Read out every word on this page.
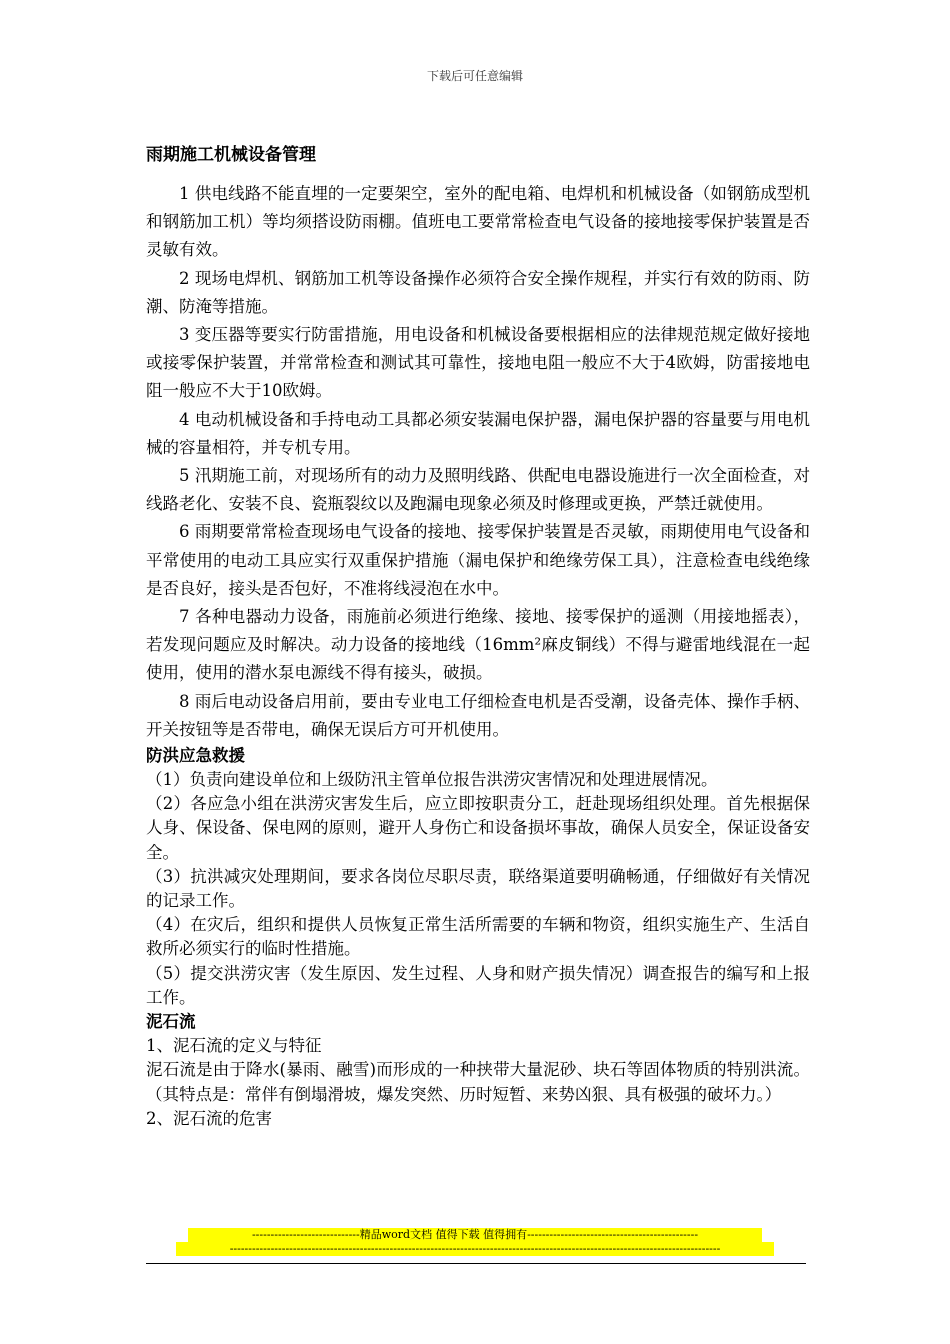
下载后可任意编辑
雨期施工机械设备管理

1 供电线路不能直埋的一定要架空，室外的配电箱、电焊机和机械设备（如钢筋成型机和钢筋加工机）等均须搭设防雨棚。值班电工要常常检查电气设备的接地接零保护装置是否灵敏有效。

2 现场电焊机、钢筋加工机等设备操作必须符合安全操作规程，并实行有效的防雨、防潮、防淹等措施。

3 变压器等要实行防雷措施，用电设备和机械设备要根据相应的法律规范规定做好接地或接零保护装置，并常常检查和测试其可靠性，接地电阻一般应不大于4欧姆，防雷接地电阻一般应不大于10欧姆。

4 电动机械设备和手持电动工具都必须安装漏电保护器，漏电保护器的容量要与用电机械的容量相符，并专机专用。

5 汛期施工前，对现场所有的动力及照明线路、供配电电器设施进行一次全面检查，对线路老化、安装不良、瓷瓶裂纹以及跑漏电现象必须及时修理或更换，严禁迁就使用。

6 雨期要常常检查现场电气设备的接地、接零保护装置是否灵敏，雨期使用电气设备和平常使用的电动工具应实行双重保护措施（漏电保护和绝缘劳保工具），注意检查电线绝缘是否良好，接头是否包好，不准将线浸泡在水中。

7 各种电器动力设备，雨施前必须进行绝缘、接地、接零保护的遥测（用接地摇表），若发现问题应及时解决。动力设备的接地线（16mm²麻皮铜线）不得与避雷地线混在一起使用，使用的潜水泵电源线不得有接头，破损。

8 雨后电动设备启用前，要由专业电工仔细检查电机是否受潮，设备壳体、操作手柄、开关按钮等是否带电，确保无误后方可开机使用。

防洪应急救援

（1）负责向建设单位和上级防汛主管单位报告洪涝灾害情况和处理进展情况。

（2）各应急小组在洪涝灾害发生后，应立即按职责分工，赶赴现场组织处理。首先根据保人身、保设备、保电网的原则，避开人身伤亡和设备损坏事故，确保人员安全，保证设备安全。

（3）抗洪减灾处理期间，要求各岗位尽职尽责，联络渠道要明确畅通，仔细做好有关情况的记录工作。

（4）在灾后，组织和提供人员恢复正常生活所需要的车辆和物资，组织实施生产、生活自救所必须实行的临时性措施。

（5）提交洪涝灾害（发生原因、发生过程、人身和财产损失情况）调查报告的编写和上报工作。

泥石流

1、泥石流的定义与特征

泥石流是由于降水(暴雨、融雪)而形成的一种挟带大量泥砂、块石等固体物质的特别洪流。（其特点是：常伴有倒塌滑坡，爆发突然、历时短暂、来势凶狠、具有极强的破坏力。）

2、泥石流的危害

-----------------------------精品word文档 值得下载 值得拥有----------------------------------------------
------------------------------------------------------------------------------------------------------------------------------------
